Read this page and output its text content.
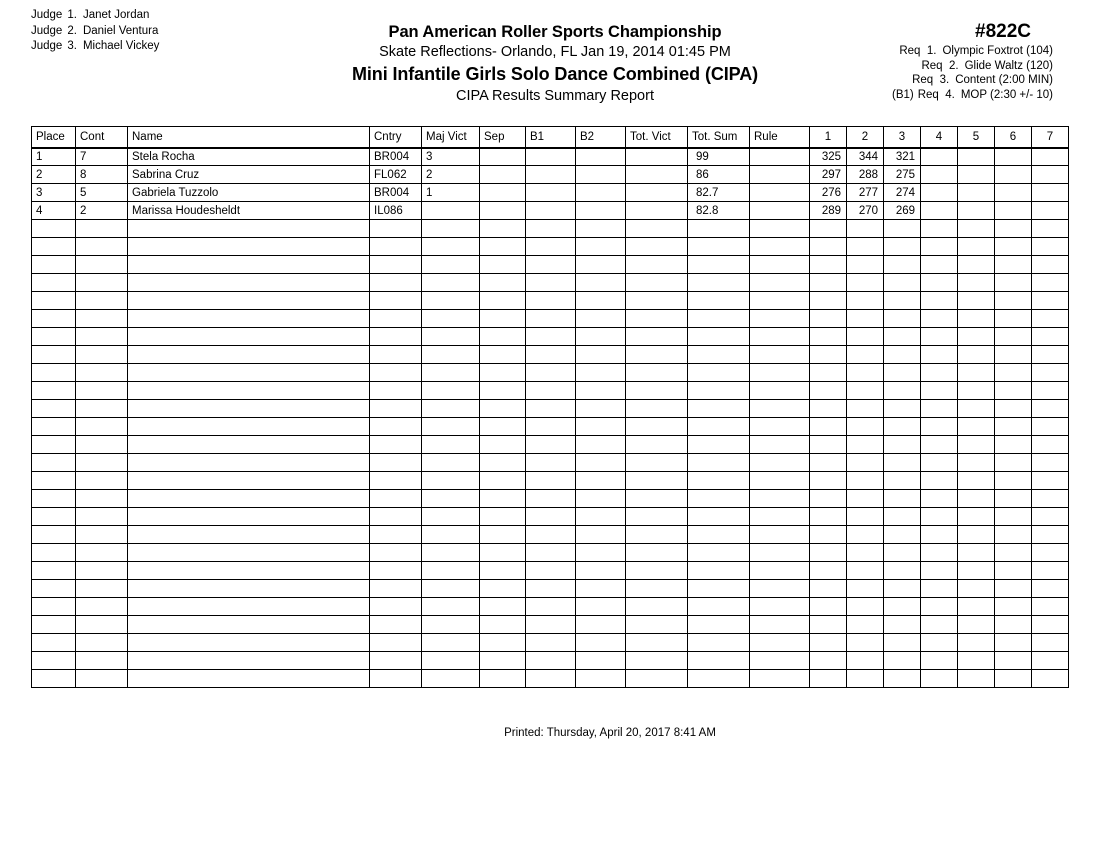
Judge 1. Janet Jordan
Judge 2. Daniel Ventura
Judge 3. Michael Vickey
Pan American Roller Sports Championship
Skate Reflections- Orlando, FL Jan 19, 2014 01:45 PM
Mini Infantile Girls Solo Dance Combined (CIPA)
CIPA Results Summary Report
#822C
Req 1. Olympic Foxtrot (104)
Req 2. Glide Waltz (120)
Req 3. Content (2:00 MIN)
(B1) Req 4. MOP (2:30 +/- 10)
Place	Cont	Name	Cntry	Maj Vict	Sep	B1	B2	Tot. Vict	Tot. Sum	Rule	1	2	3	4	5	6	7
1	7	Stela Rocha	BR004	3					99		325	344	321				
2	8	Sabrina Cruz	FL062	2					86		297	288	275				
3	5	Gabriela Tuzzolo	BR004	1					82.7		276	277	274				
4	2	Marissa Houdesheldt	IL086						82.8		289	270	269				

Printed: Thursday, April 20, 2017 8:41 AM
